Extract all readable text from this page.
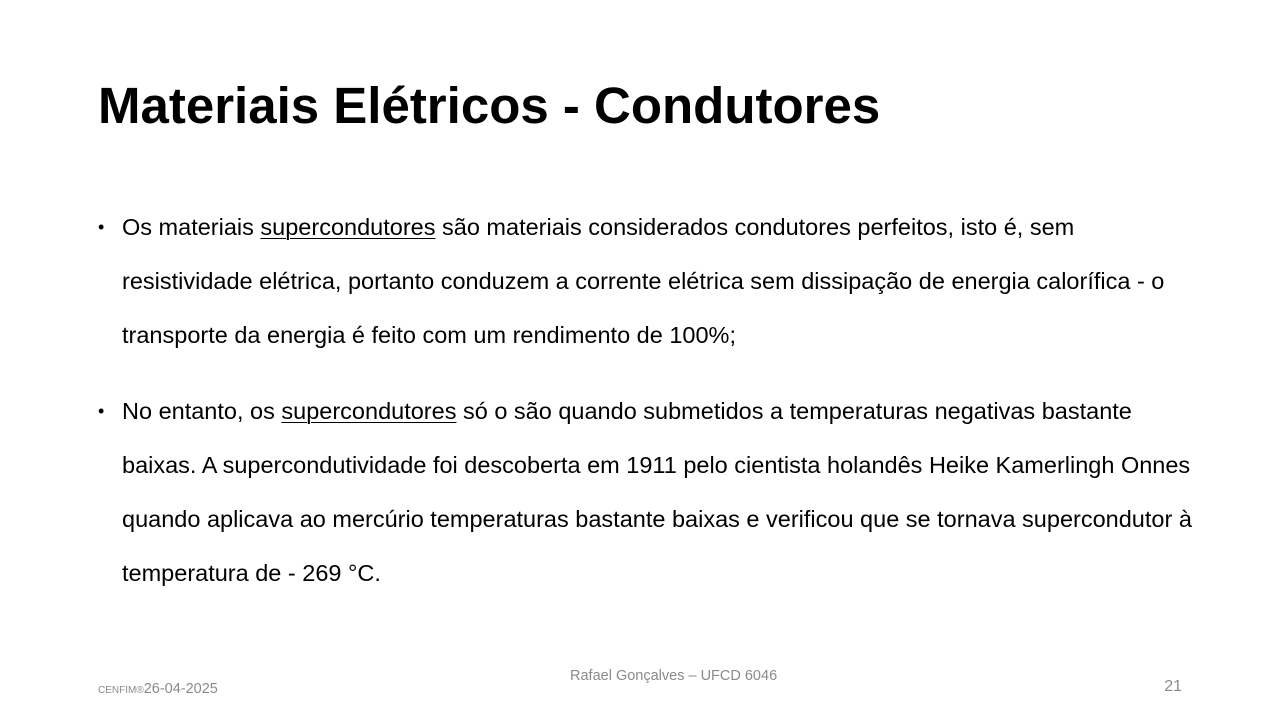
Materiais Elétricos - Condutores

• Os materiais supercondutores são materiais considerados condutores perfeitos, isto é, sem resistividade elétrica, portanto conduzem a corrente elétrica sem dissipação de energia calorífica - o transporte da energia é feito com um rendimento de 100%;

• No entanto, os supercondutores só o são quando submetidos a temperaturas negativas bastante baixas. A supercondutividade foi descoberta em 1911 pelo cientista holandês Heike Kamerlingh Onnes quando aplicava ao mercúrio temperaturas bastante baixas e verificou que se tornava supercondutor à temperatura de - 269 °C.

CENFIM®26-04-2025
Rafael Gonçalves – UFCD 6046
21
